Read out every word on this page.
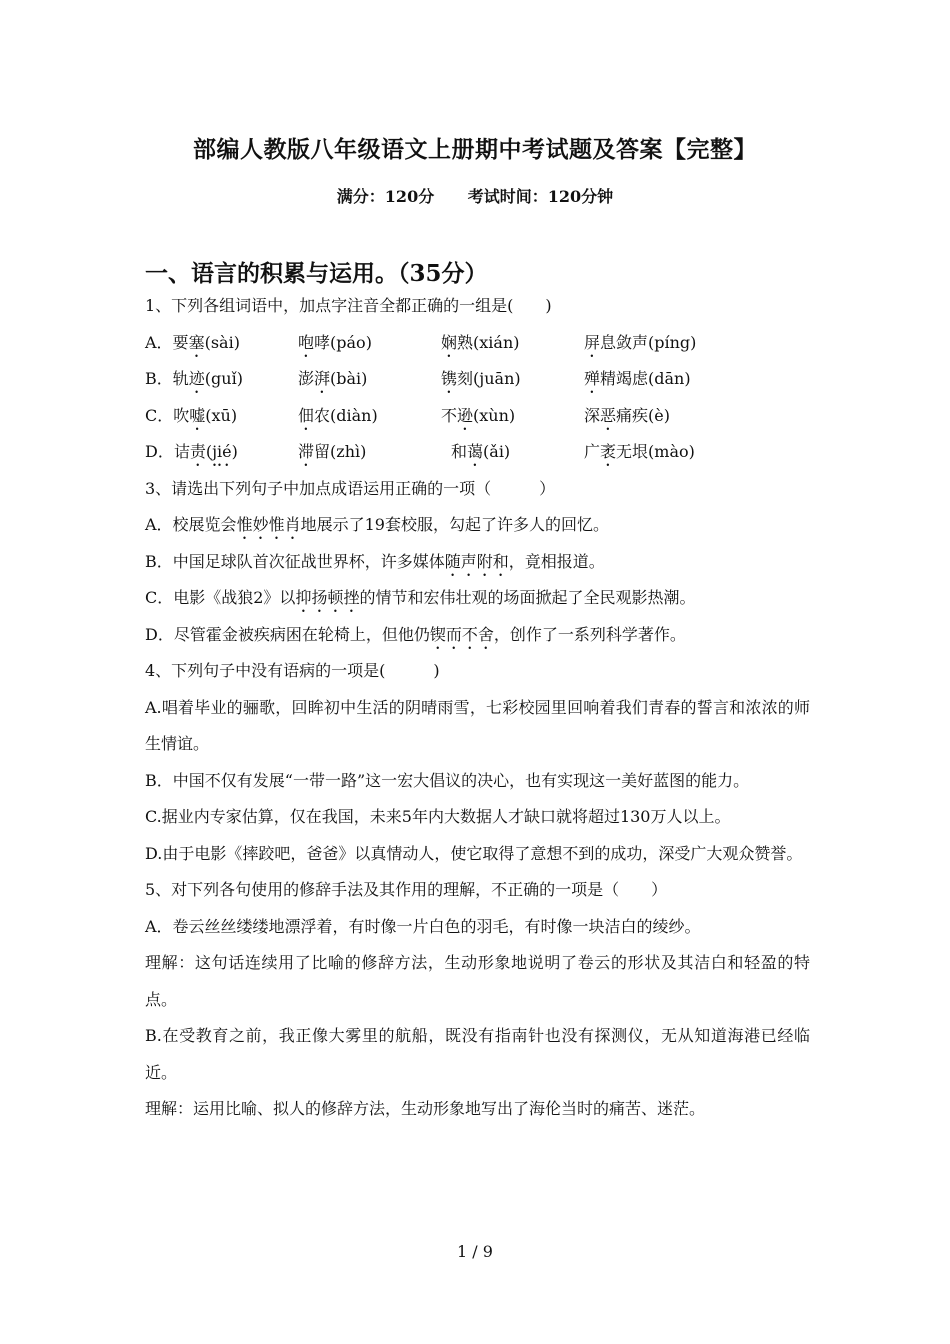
部编人教版八年级语文上册期中考试题及答案【完整】
满分：120分 考试时间：120分钟
一、语言的积累与运用。（35分）
1、下列各组词语中，加点字注音全都正确的一组是(　　)
A．要塞(sài)	咆哮(páo)	娴熟(xián)	屏息敛声(píng)
B．轨迹(guǐ)	澎湃(bài)	镌刻(juān)	殚精竭虑(dān)
C．吹嘘(xū)	佃农(diàn)	不逊(xùn)	深恶痛疾(è)
D．诘责(jié)	滞留(zhì)	和蔼(ǎi)	广袤无垠(mào)
3、请选出下列句子中加点成语运用正确的一项（　　　）
A．校展览会惟妙惟肖地展示了19套校服，勾起了许多人的回忆。
B．中国足球队首次征战世界杯，许多媒体随声附和，竟相报道。
C．电影《战狼2》以抑扬顿挫的情节和宏伟壮观的场面掀起了全民观影热潮。
D．尽管霍金被疾病困在轮椅上，但他仍锲而不舍，创作了一系列科学著作。
4、下列句子中没有语病的一项是(　　　)
A.唱着毕业的骊歌，回眸初中生活的阴晴雨雪，七彩校园里回响着我们青春的誓言和浓浓的师生情谊。
B．中国不仅有发展“一带一路”这一宏大倡议的决心，也有实现这一美好蓝图的能力。
C.据业内专家估算，仅在我国，未来5年内大数据人才缺口就将超过130万人以上。
D.由于电影《摔跤吧，爸爸》以真情动人，使它取得了意想不到的成功，深受广大观众赞誉。
5、对下列各句使用的修辞手法及其作用的理解，不正确的一项是（　　）
A．卷云丝丝缕缕地漂浮着，有时像一片白色的羽毛，有时像一块洁白的绫纱。
理解：这句话连续用了比喻的修辞方法，生动形象地说明了卷云的形状及其洁白和轻盈的特点。
B.在受教育之前，我正像大雾里的航船，既没有指南针也没有探测仪，无从知道海港已经临近。
理解：运用比喻、拟人的修辞方法，生动形象地写出了海伦当时的痛苦、迷茫。
1 / 9
